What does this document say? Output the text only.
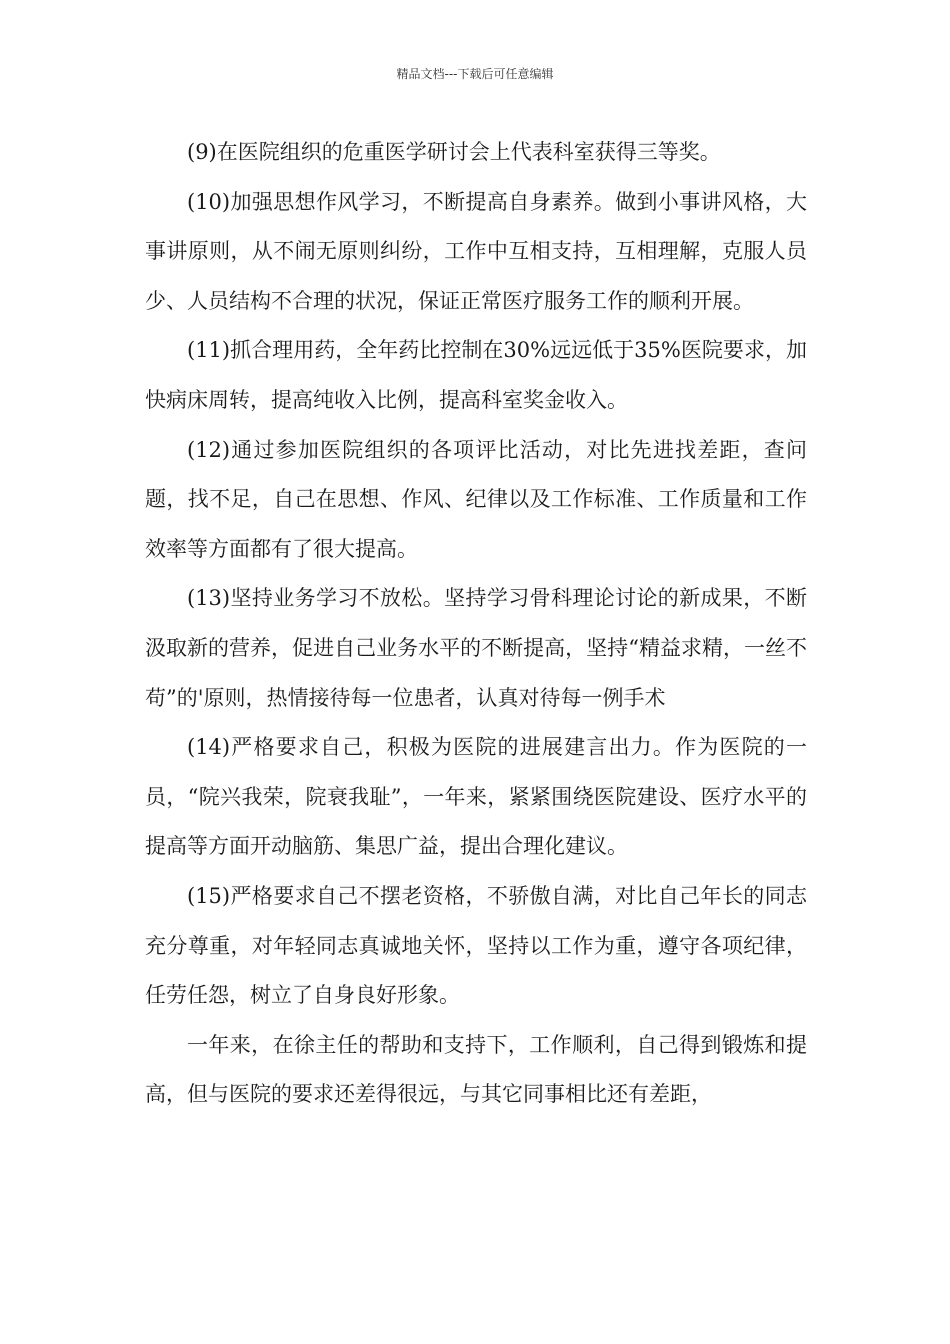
精品文档---下载后可任意编辑

(9)在医院组织的危重医学研讨会上代表科室获得三等奖。

(10)加强思想作风学习，不断提高自身素养。做到小事讲风格，大事讲原则，从不闹无原则纠纷，工作中互相支持，互相理解，克服人员少、人员结构不合理的状况，保证正常医疗服务工作的顺利开展。

(11)抓合理用药，全年药比控制在30%远远低于35%医院要求，加快病床周转，提高纯收入比例，提高科室奖金收入。

(12)通过参加医院组织的各项评比活动，对比先进找差距，查问题，找不足，自己在思想、作风、纪律以及工作标准、工作质量和工作效率等方面都有了很大提高。

(13)坚持业务学习不放松。坚持学习骨科理论讨论的新成果，不断汲取新的营养，促进自己业务水平的不断提高，坚持“精益求精，一丝不苟”的'原则，热情接待每一位患者，认真对待每一例手术

(14)严格要求自己，积极为医院的进展建言出力。作为医院的一员，“院兴我荣，院衰我耻”，一年来，紧紧围绕医院建设、医疗水平的提高等方面开动脑筋、集思广益，提出合理化建议。

(15)严格要求自己不摆老资格，不骄傲自满，对比自己年长的同志充分尊重，对年轻同志真诚地关怀，坚持以工作为重，遵守各项纪律，任劳任怨，树立了自身良好形象。

一年来，在徐主任的帮助和支持下，工作顺利，自己得到锻炼和提高，但与医院的要求还差得很远，与其它同事相比还有差距，
